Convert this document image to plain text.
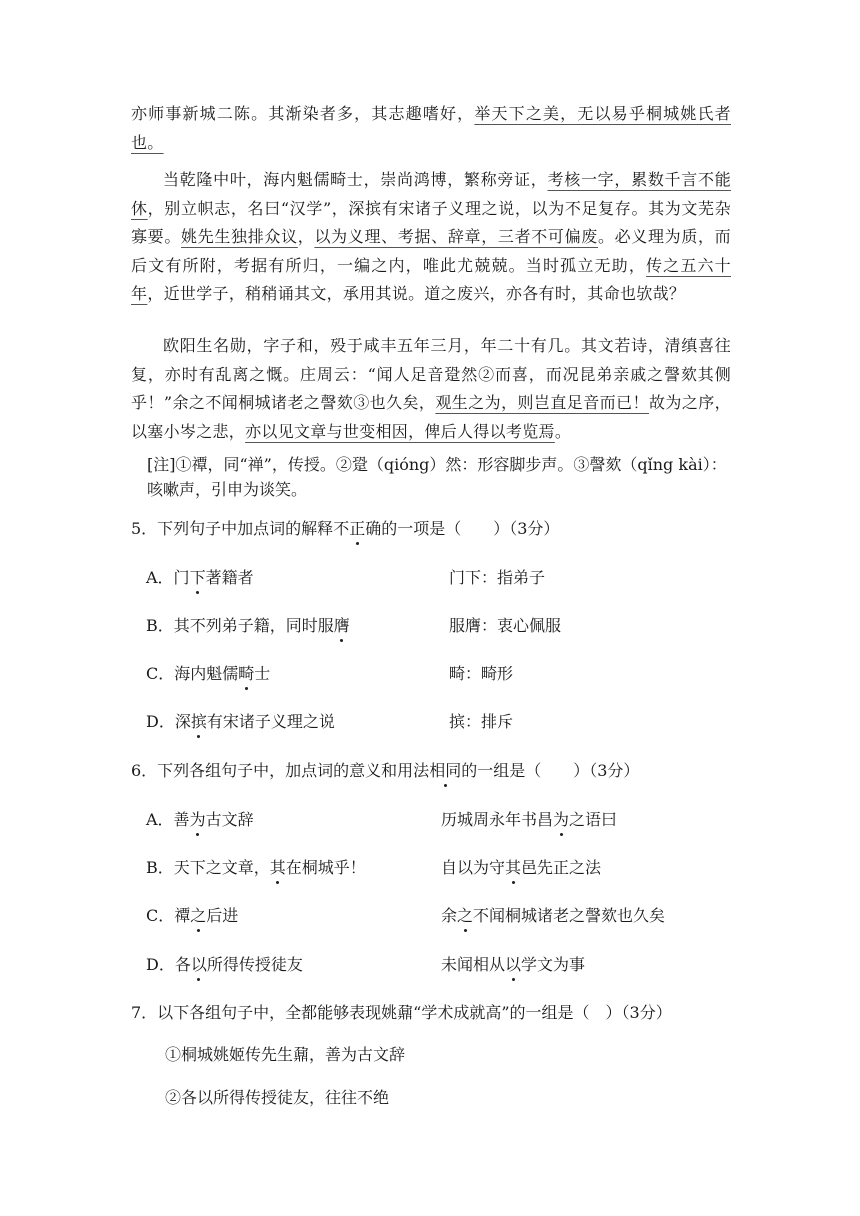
亦师事新城二陈。其渐染者多，其志趣嗜好，举天下之美，无以易乎桐城姚氏者也。
当乾隆中叶，海内魁儒畸士，崇尚鸿博，繁称旁证，考核一字，累数千言不能休，别立帜志，名曰“汉学”，深摈有宋诸子义理之说，以为不足复存。其为文芜杂寡要。姚先生独排众议，以为义理、考据、辞章，三者不可偏废。必义理为质，而后文有所附，考据有所归，一编之内，唯此尤兢兢。当时孤立无助，传之五六十年，近世学子，稍稍诵其文，承用其说。道之废兴，亦各有时，其命也欤哉？
欧阳生名勋，字子和，殁于咸丰五年三月，年二十有几。其文若诗，清缜喜往复，亦时有乱离之慨。庄周云：“闻人足音跫然②而喜，而况昆弟亲戚之謦欬其侧乎！”余之不闻桐城诸老之謦欬③也久矣，观生之为，则岂直足音而已！故为之序，以塞小岑之悲，亦以见文章与世变相因，俾后人得以考览焉。
[注]①禫，同“禅”，传授。②跫（qióng）然：形容脚步声。③謦欬（qǐng kài）：咳嗽声，引申为谈笑。
5．下列句子中加点词的解释不正确的一项是（　　）（3分）
A．门下著籍者	门下：指弟子
B．其不列弟子籍，同时服膺	服膺：衷心佩服
C．海内魁儒畸士	畸：畸形
D．深摈有宋诸子义理之说	摈：排斥
6．下列各组句子中，加点词的意义和用法相同的一组是（　　）（3分）
A．善为古文辞	历城周永年书昌为之语曰
B．天下之文章，其在桐城乎！	自以为守其邑先正之法
C．禫之后进	余之不闻桐城诸老之謦欬也久矣
D．各以所得传授徒友	未闻相从以学文为事
7．以下各组句子中，全都能够表现姚鼐“学术成就高”的一组是（　）（3分）
①桐城姚姬传先生鼐，善为古文辞
②各以所得传授徒友，往往不绝
